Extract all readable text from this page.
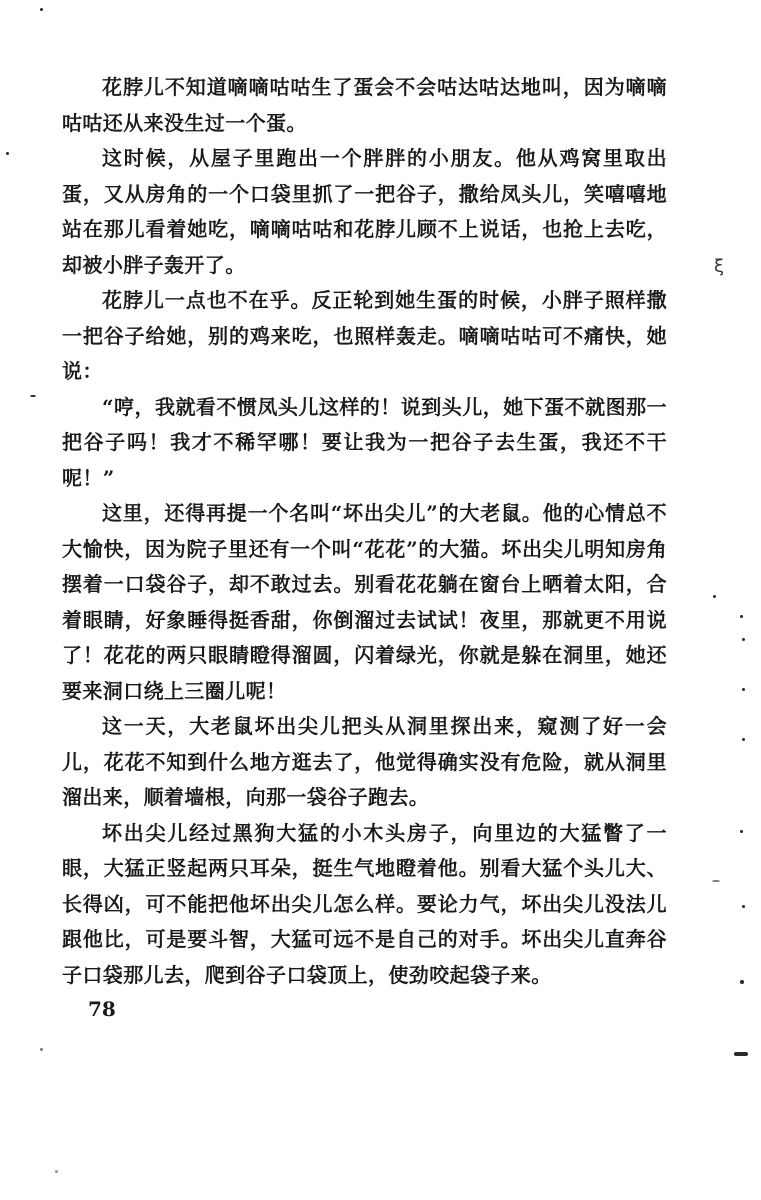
花脖儿不知道嘀嘀咕咕生了蛋会不会咕达咕达地叫，因为嘀嘀咕咕还从来没生过一个蛋。

这时候，从屋子里跑出一个胖胖的小朋友。他从鸡窝里取出蛋，又从房角的一个口袋里抓了一把谷子，撒给凤头儿，笑嘻嘻地站在那儿看着她吃，嘀嘀咕咕和花脖儿顾不上说话，也抢上去吃，却被小胖子轰开了。

花脖儿一点也不在乎。反正轮到她生蛋的时候，小胖子照样撒一把谷子给她，别的鸡来吃，也照样轰走。嘀嘀咕咕可不痛快，她说：

“哼，我就看不惯凤头儿这样的！说到头儿，她下蛋不就图那一把谷子吗！我才不稀罕哪！要让我为一把谷子去生蛋，我还不干呢！”

这里，还得再提一个名叫“坏出尖儿”的大老鼠。他的心情总不大愉快，因为院子里还有一个叫“花花”的大猫。坏出尖儿明知房角摆着一口袋谷子，却不敢过去。别看花花躺在窗台上晒着太阳，合着眼睛，好象睡得挺香甜，你倒溜过去试试！夜里，那就更不用说了！花花的两只眼睛瞪得溜圆，闪着绿光，你就是躲在洞里，她还要来洞口绕上三圈儿呢！

这一天，大老鼠坏出尖儿把头从洞里探出来，窥测了好一会儿，花花不知到什么地方逛去了，他觉得确实没有危险，就从洞里溜出来，顺着墙根，向那一袋谷子跑去。

坏出尖儿经过黑狗大猛的小木头房子，向里边的大猛瞥了一眼，大猛正竖起两只耳朵，挺生气地瞪着他。别看大猛个头儿大、长得凶，可不能把他坏出尖儿怎么样。要论力气，坏出尖儿没法儿跟他比，可是要斗智，大猛可远不是自己的对手。坏出尖儿直奔谷子口袋那儿去，爬到谷子口袋顶上，使劲咬起袋子来。

78
ξ
